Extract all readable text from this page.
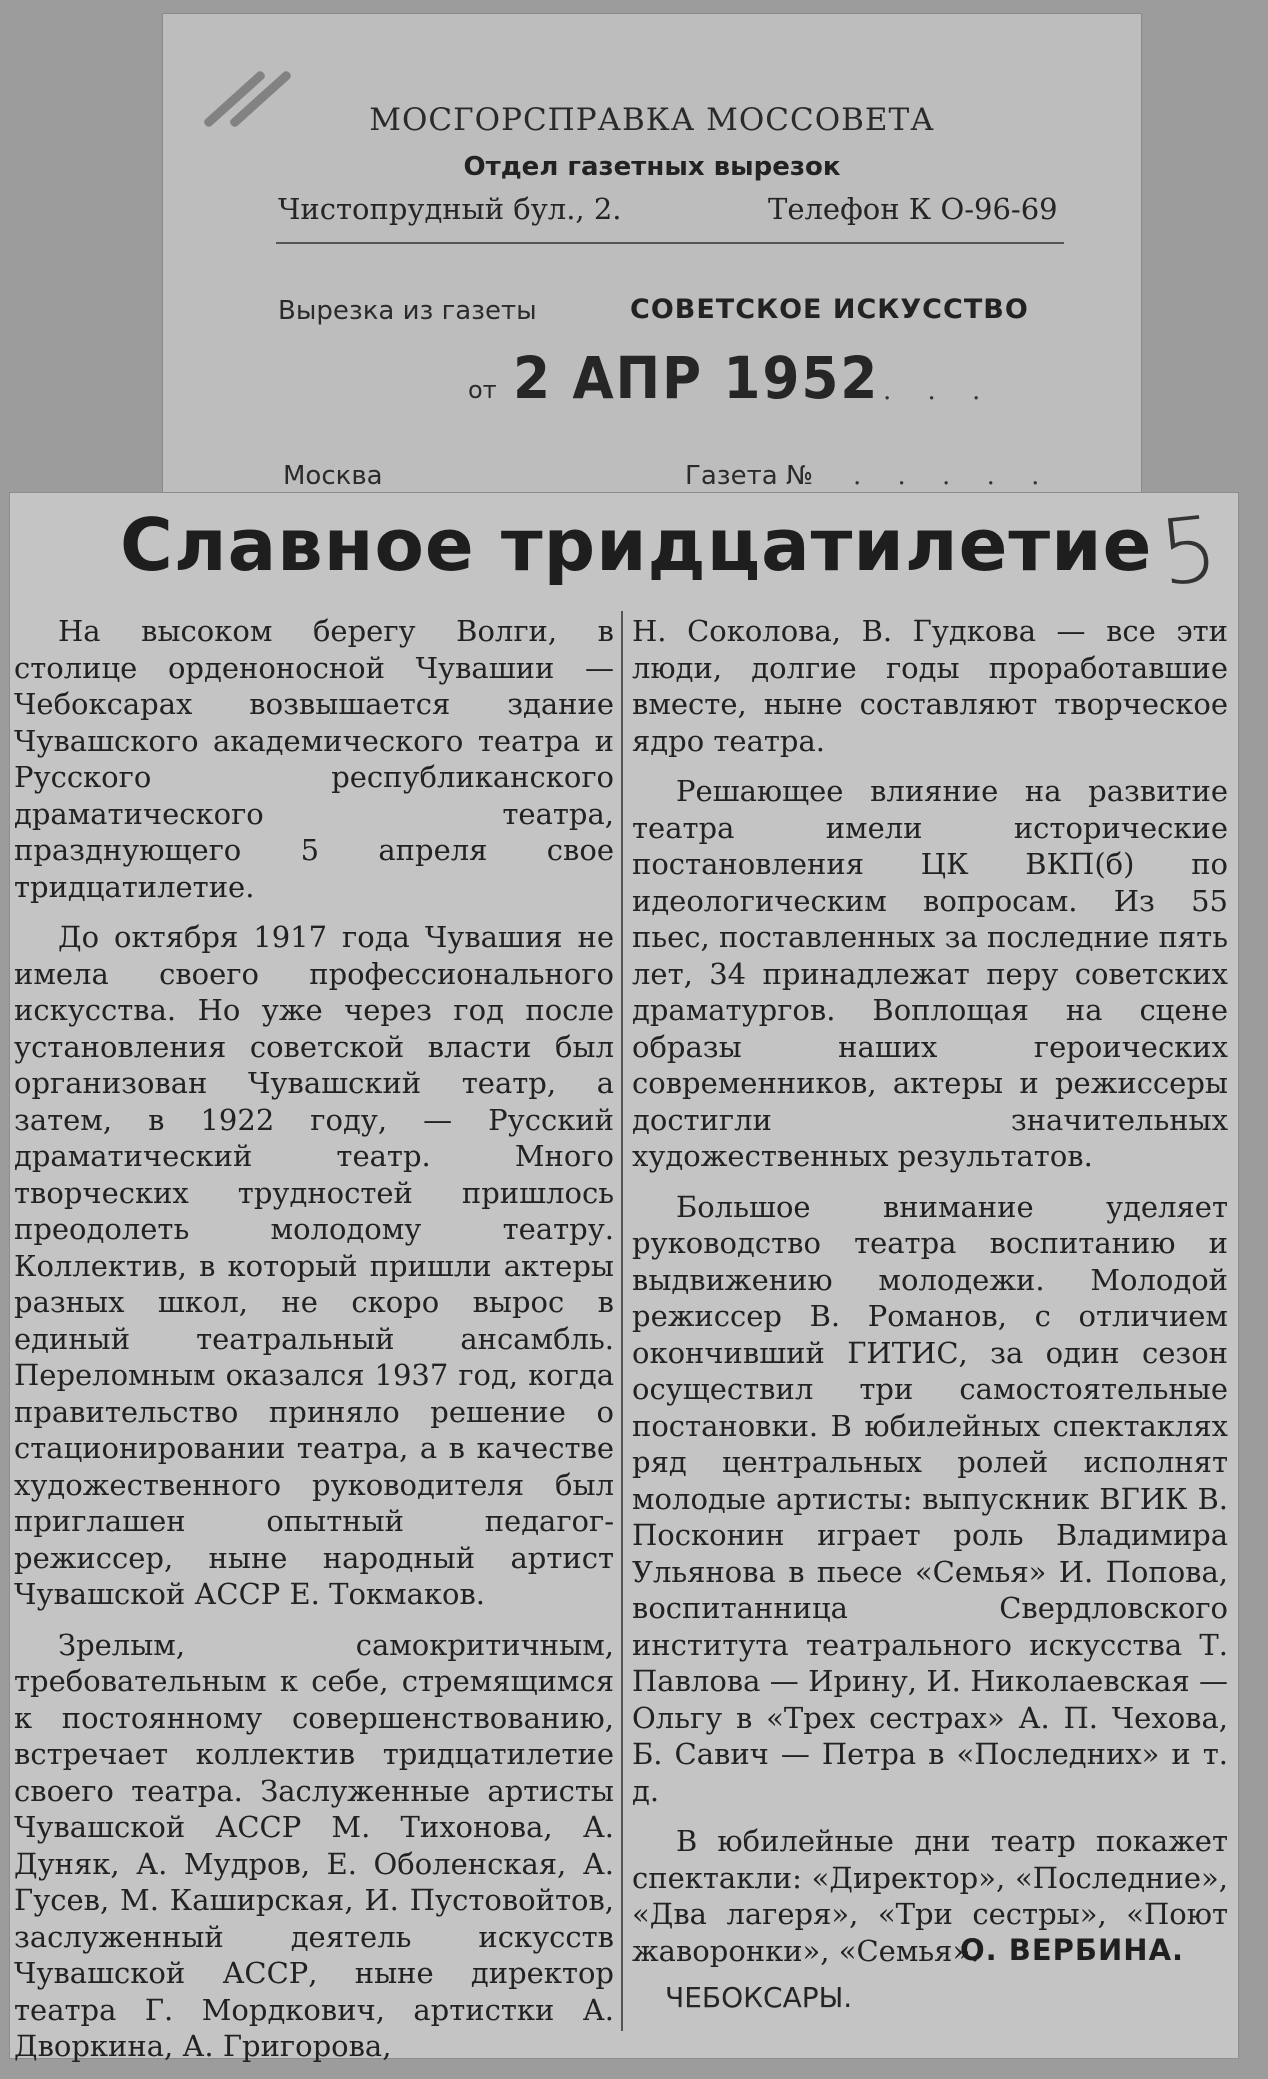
МОСГОРСПРАВКА МОССОВЕТА
Отдел газетных вырезок
Чистопрудный бул., 2.	Телефон К О-96-69
Вырезка из газеты	СОВЕТСКОЕ ИСКУССТВО
от 2 АПР 1952 . . .
Москва	Газета № . . . . .
Славное тридцатилетие 5

На высоком берегу Волги, в столице орденоносной Чувашии — Чебоксарах возвышается здание Чувашского академического театра и Русского республиканского драматического театра, празднующего 5 апреля свое тридцатилетие.

До октября 1917 года Чувашия не имела своего профессионального искусства. Но уже через год после установления советской власти был организован Чувашский театр, а затем, в 1922 году, — Русский драматический театр. Много творческих трудностей пришлось преодолеть молодому театру. Коллектив, в который пришли актеры разных школ, не скоро вырос в единый театральный ансамбль. Переломным оказался 1937 год, когда правительство приняло решение о стационировании театра, а в качестве художественного руководителя был приглашен опытный педагог-режиссер, ныне народный артист Чувашской АССР Е. Токмаков.

Зрелым, самокритичным, требовательным к себе, стремящимся к постоянному совершенствованию, встречает коллектив тридцатилетие своего театра. Заслуженные артисты Чувашской АССР М. Тихонова, А. Дуняк, А. Мудров, Е. Оболенская, А. Гусев, М. Каширская, И. Пустовойтов, заслуженный деятель искусств Чувашской АССР, ныне директор театра Г. Мордкович, артистки А. Дворкина, А. Григорова,

Н. Соколова, В. Гудкова — все эти люди, долгие годы проработавшие вместе, ныне составляют творческое ядро театра.

Решающее влияние на развитие театра имели исторические постановления ЦК ВКП(б) по идеологическим вопросам. Из 55 пьес, поставленных за последние пять лет, 34 принадлежат перу советских драматургов. Воплощая на сцене образы наших героических современников, актеры и режиссеры достигли значительных художественных результатов.

Большое внимание уделяет руководство театра воспитанию и выдвижению молодежи. Молодой режиссер В. Романов, с отличием окончивший ГИТИС, за один сезон осуществил три самостоятельные постановки. В юбилейных спектаклях ряд центральных ролей исполнят молодые артисты: выпускник ВГИК В. Посконин играет роль Владимира Ульянова в пьесе «Семья» И. Попова, воспитанница Свердловского института театрального искусства Т. Павлова — Ирину, И. Николаевская — Ольгу в «Трех сестрах» А. П. Чехова, Б. Савич — Петра в «Последних» и т. д.

В юбилейные дни театр покажет спектакли: «Директор», «Последние», «Два лагеря», «Три сестры», «Поют жаворонки», «Семья».

О. ВЕРБИНА.
ЧЕБОКСАРЫ.
